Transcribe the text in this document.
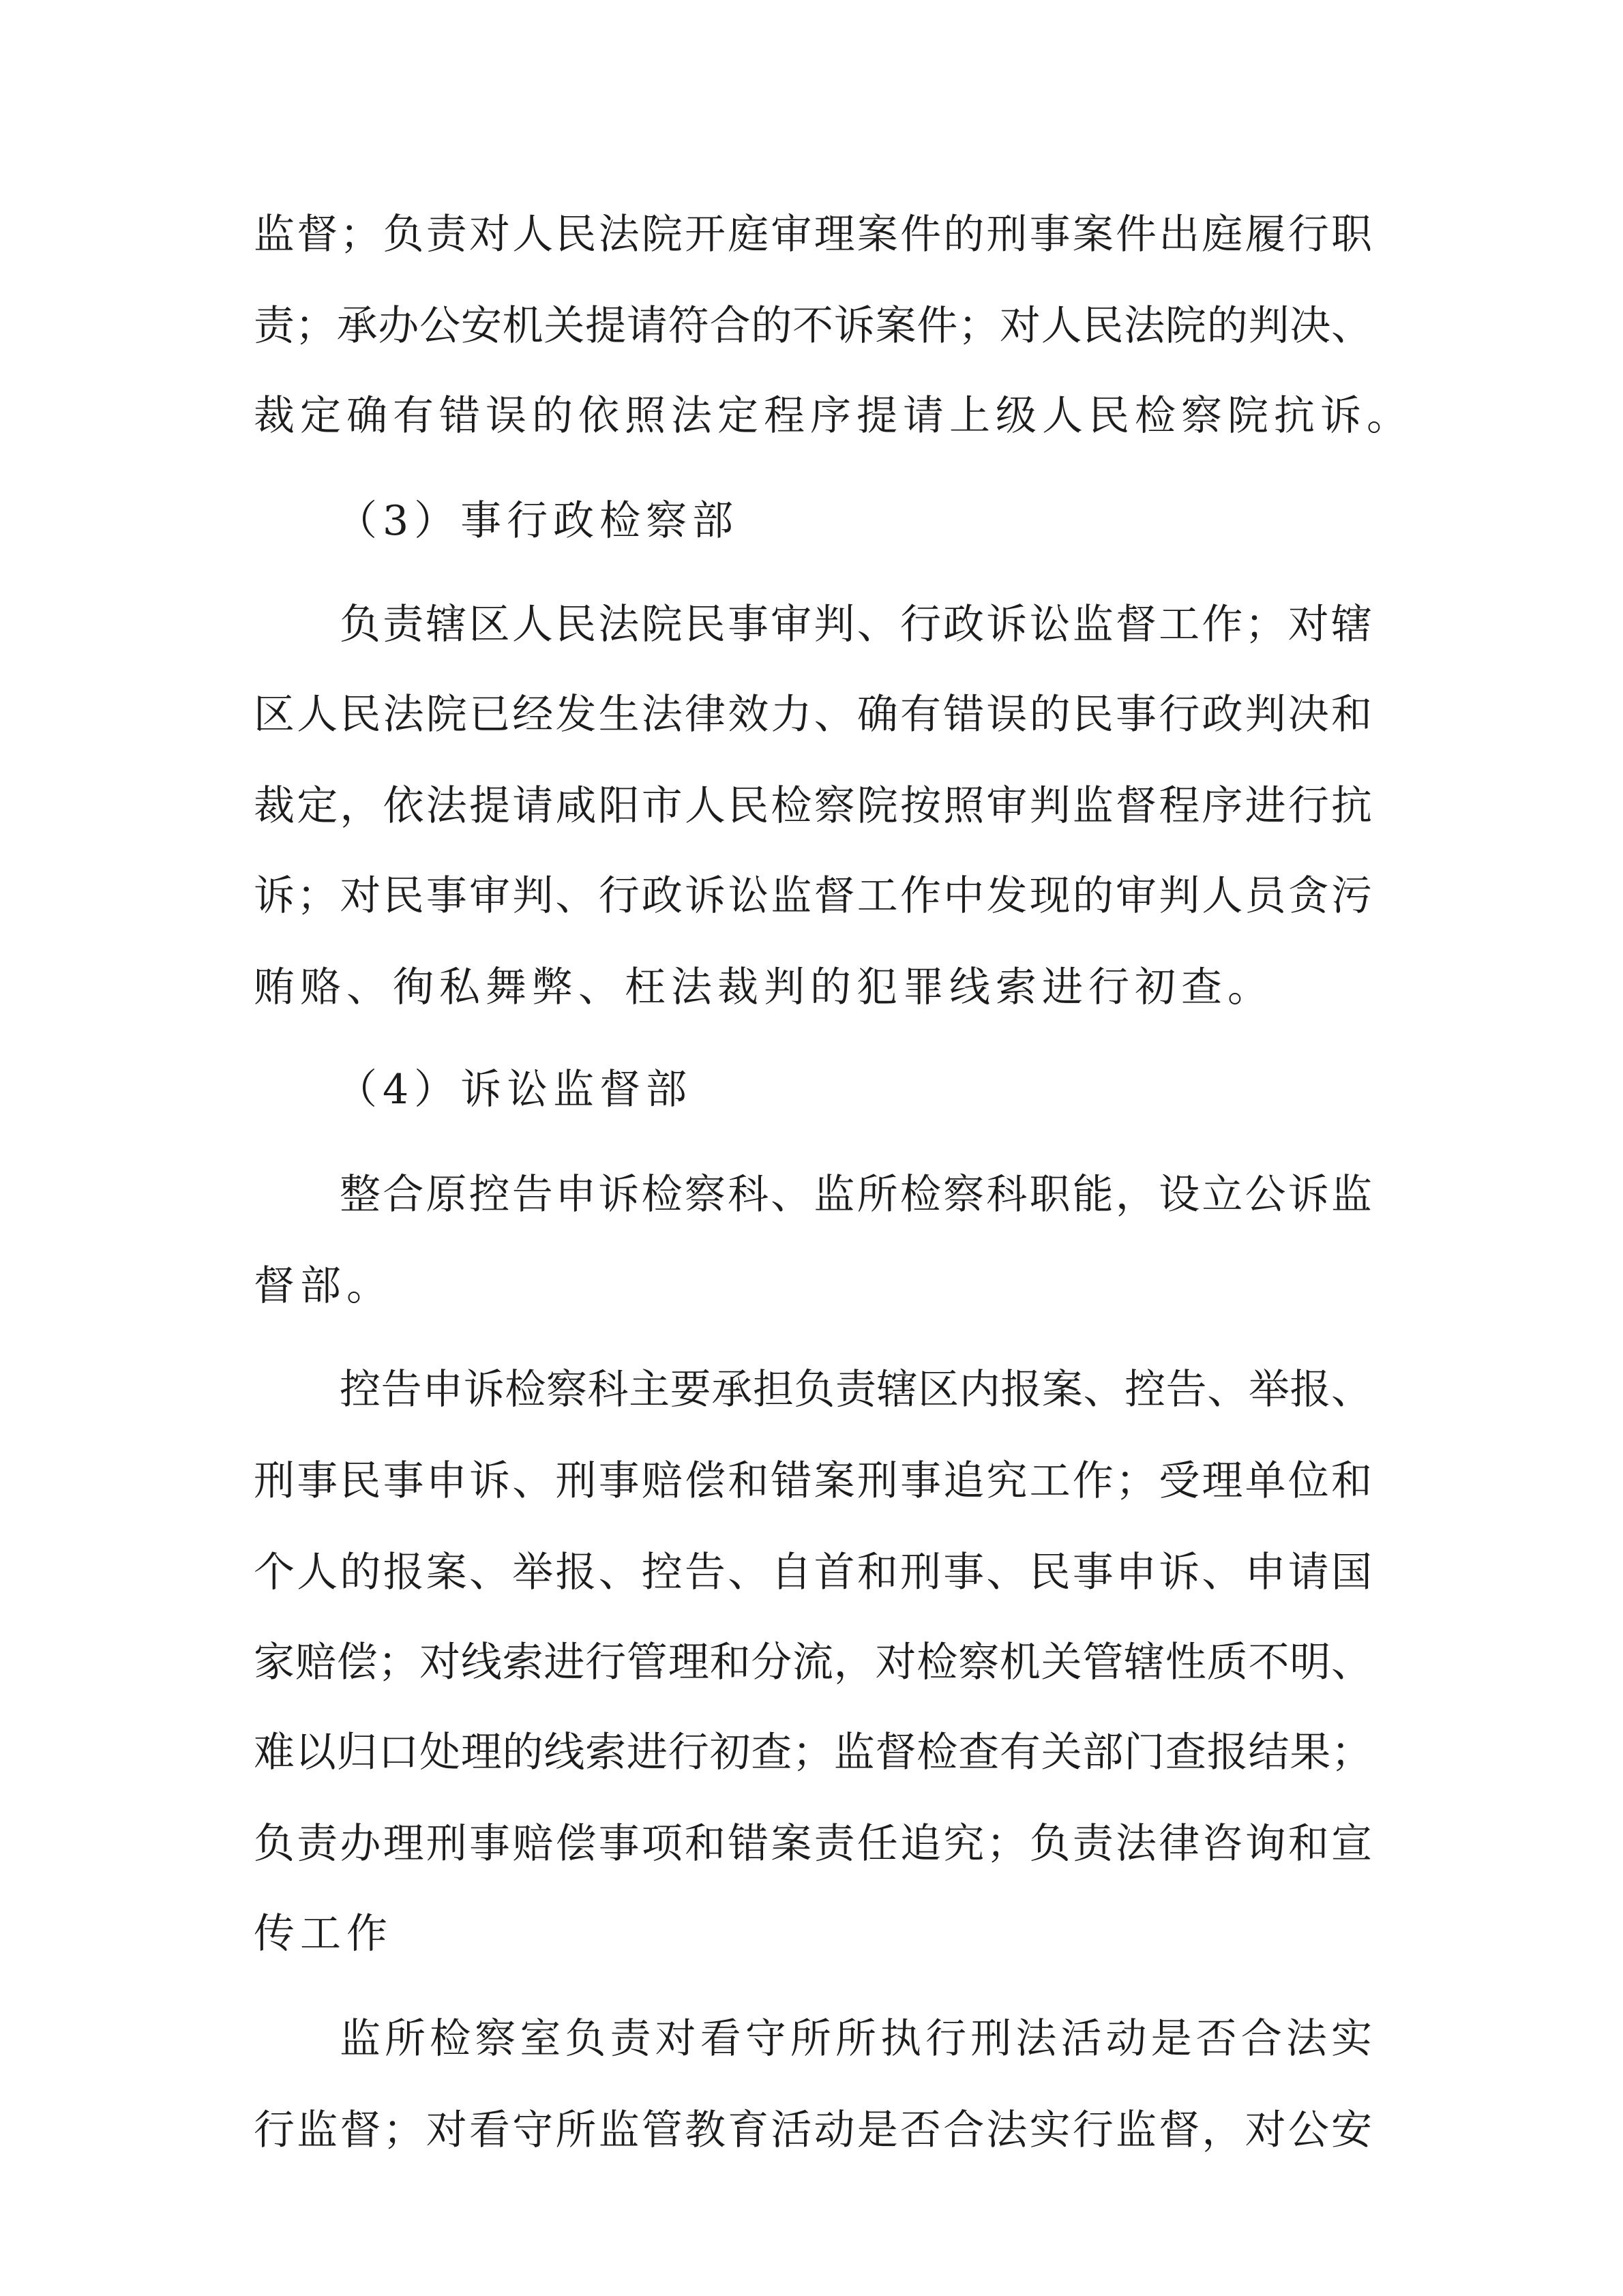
监督；负责对人民法院开庭审理案件的刑事案件出庭履行职
责；承办公安机关提请符合的不诉案件；对人民法院的判决、
裁定确有错误的依照法定程序提请上级人民检察院抗诉。
（3）事行政检察部
负责辖区人民法院民事审判、行政诉讼监督工作；对辖
区人民法院已经发生法律效力、确有错误的民事行政判决和
裁定，依法提请咸阳市人民检察院按照审判监督程序进行抗
诉；对民事审判、行政诉讼监督工作中发现的审判人员贪污
贿赂、徇私舞弊、枉法裁判的犯罪线索进行初查。
（4）诉讼监督部
整合原控告申诉检察科、监所检察科职能，设立公诉监
督部。
控告申诉检察科主要承担负责辖区内报案、控告、举报、
刑事民事申诉、刑事赔偿和错案刑事追究工作；受理单位和
个人的报案、举报、控告、自首和刑事、民事申诉、申请国
家赔偿；对线索进行管理和分流，对检察机关管辖性质不明、
难以归口处理的线索进行初查；监督检查有关部门查报结果；
负责办理刑事赔偿事项和错案责任追究；负责法律咨询和宣
传工作
监所检察室负责对看守所所执行刑法活动是否合法实
行监督；对看守所监管教育活动是否合法实行监督，对公安
